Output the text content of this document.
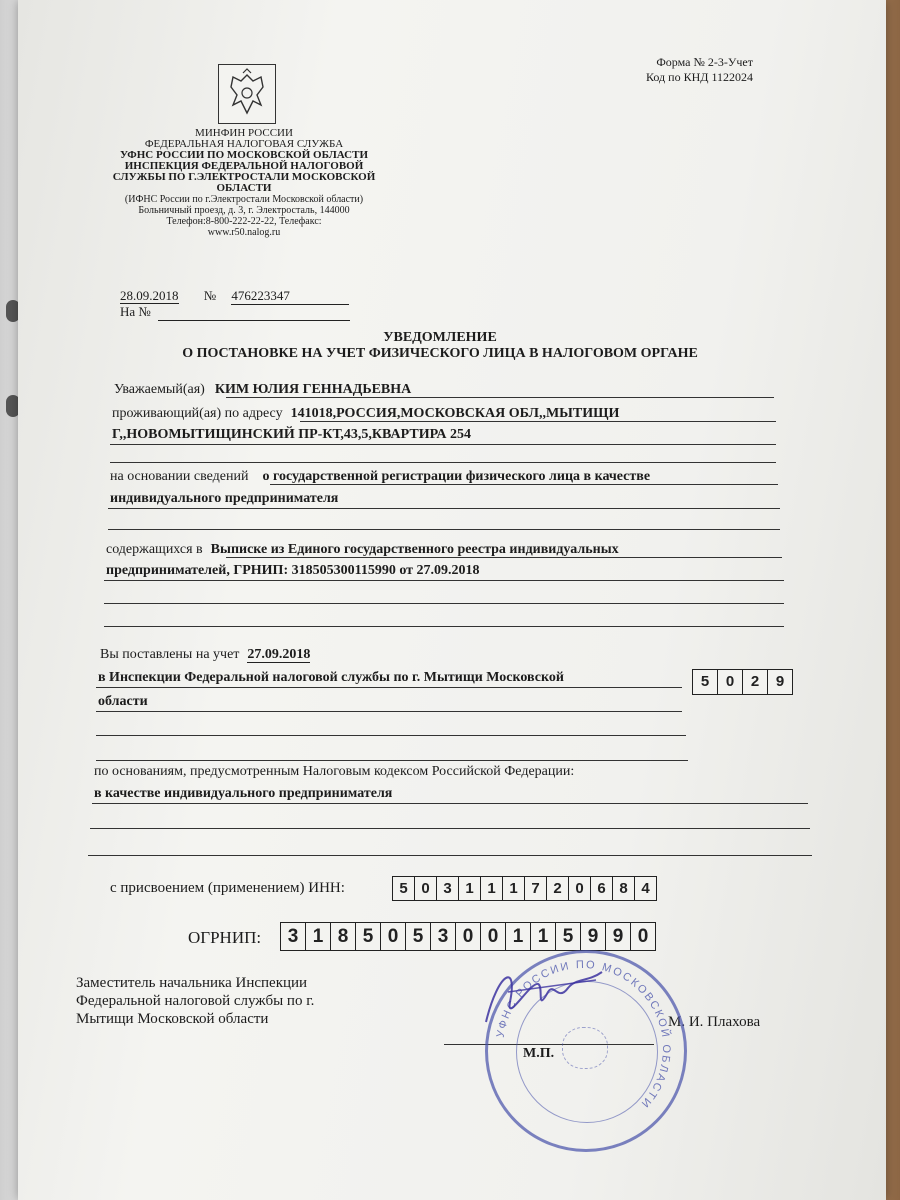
Форма № 2-3-Учет
Код по КНД 1122024
МИНФИН РОССИИ
ФЕДЕРАЛЬНАЯ НАЛОГОВАЯ СЛУЖБА
УФНС РОССИИ ПО МОСКОВСКОЙ ОБЛАСТИ
ИНСПЕКЦИЯ ФЕДЕРАЛЬНОЙ НАЛОГОВОЙ
СЛУЖБЫ ПО Г.ЭЛЕКТРОСТАЛИ МОСКОВСКОЙ
ОБЛАСТИ
(ИФНС России по г.Электростали Московской области)
Больничный проезд, д. 3, г. Электросталь, 144000
Телефон:8-800-222-22-22, Телефакс:
www.r50.nalog.ru
28.09.2018 № 476223347
На №
УВЕДОМЛЕНИЕ
О ПОСТАНОВКЕ НА УЧЕТ ФИЗИЧЕСКОГО ЛИЦА В НАЛОГОВОМ ОРГАНЕ
Уважаемый(ая) КИМ ЮЛИЯ ГЕННАДЬЕВНА
проживающий(ая) по адресу 141018,РОССИЯ,МОСКОВСКАЯ ОБЛ,,МЫТИЩИ
Г,,НОВОМЫТИЩИНСКИЙ ПР-КТ,43,5,КВАРТИРА 254
на основании сведений о государственной регистрации физического лица в качестве
индивидуального предпринимателя
содержащихся в Выписке из Единого государственного реестра индивидуальных
предпринимателей, ГРНИП: 318505300115990 от 27.09.2018
Вы поставлены на учет 27.09.2018
в Инспекции Федеральной налоговой службы по г. Мытищи Московской
области
5	0	2	9
по основаниям, предусмотренным Налоговым кодексом Российской Федерации:
в качестве индивидуального предпринимателя
с присвоением (применением) ИНН:	5 0 3 1 1 1 7 2 0 6 8 4
ОГРНИП:	3 1 8 5 0 5 3 0 0 1 1 5 9 9 0
Заместитель начальника Инспекции
Федеральной налоговой службы по г.
Мытищи Московской области	М. И. Плахова
М.П.
УФНС РОССИИ ПО МОСКОВСКОЙ ОБЛАСТИ
